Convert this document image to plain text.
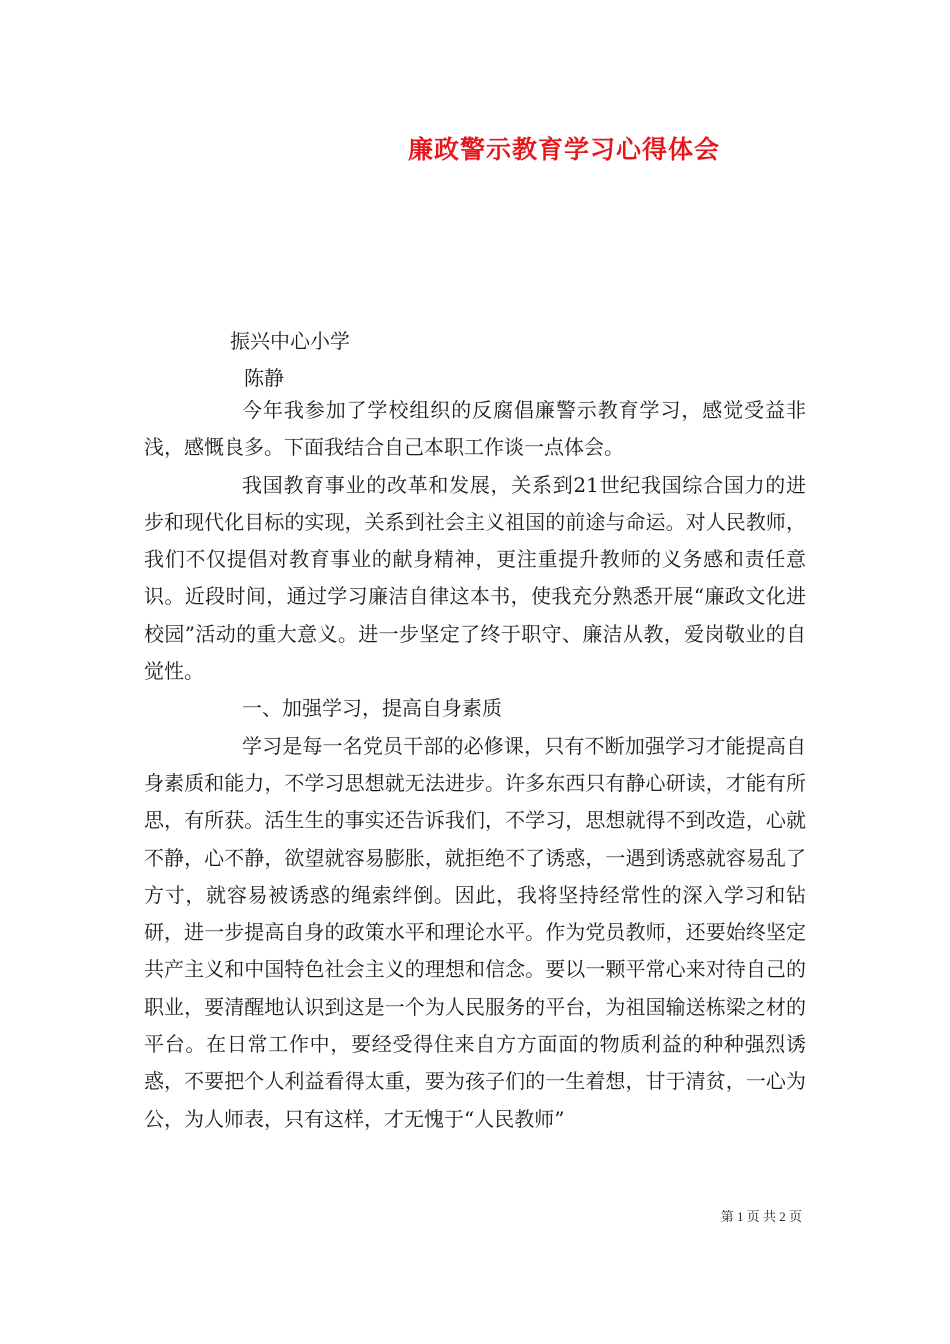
廉政警示教育学习心得体会
振兴中心小学
陈静

今年我参加了学校组织的反腐倡廉警示教育学习，感觉受益非浅，感慨良多。下面我结合自己本职工作谈一点体会。

我国教育事业的改革和发展，关系到21世纪我国综合国力的进步和现代化目标的实现，关系到社会主义祖国的前途与命运。对人民教师，我们不仅提倡对教育事业的献身精神，更注重提升教师的义务感和责任意识。近段时间，通过学习廉洁自律这本书，使我充分熟悉开展“廉政文化进校园”活动的重大意义。进一步坚定了终于职守、廉洁从教，爱岗敬业的自觉性。

一、加强学习，提高自身素质

学习是每一名党员干部的必修课，只有不断加强学习才能提高自身素质和能力，不学习思想就无法进步。许多东西只有静心研读，才能有所思，有所获。活生生的事实还告诉我们，不学习，思想就得不到改造，心就不静，心不静，欲望就容易膨胀，就拒绝不了诱惑，一遇到诱惑就容易乱了方寸，就容易被诱惑的绳索绊倒。因此，我将坚持经常性的深入学习和钻研，进一步提高自身的政策水平和理论水平。作为党员教师，还要始终坚定共产主义和中国特色社会主义的理想和信念。要以一颗平常心来对待自己的职业，要清醒地认识到这是一个为人民服务的平台，为祖国输送栋梁之材的平台。在日常工作中，要经受得住来自方方面面的物质利益的种种强烈诱惑，不要把个人利益看得太重，要为孩子们的一生着想，甘于清贫，一心为公，为人师表，只有这样，才无愧于“人民教师”

第 1 页 共 2 页
